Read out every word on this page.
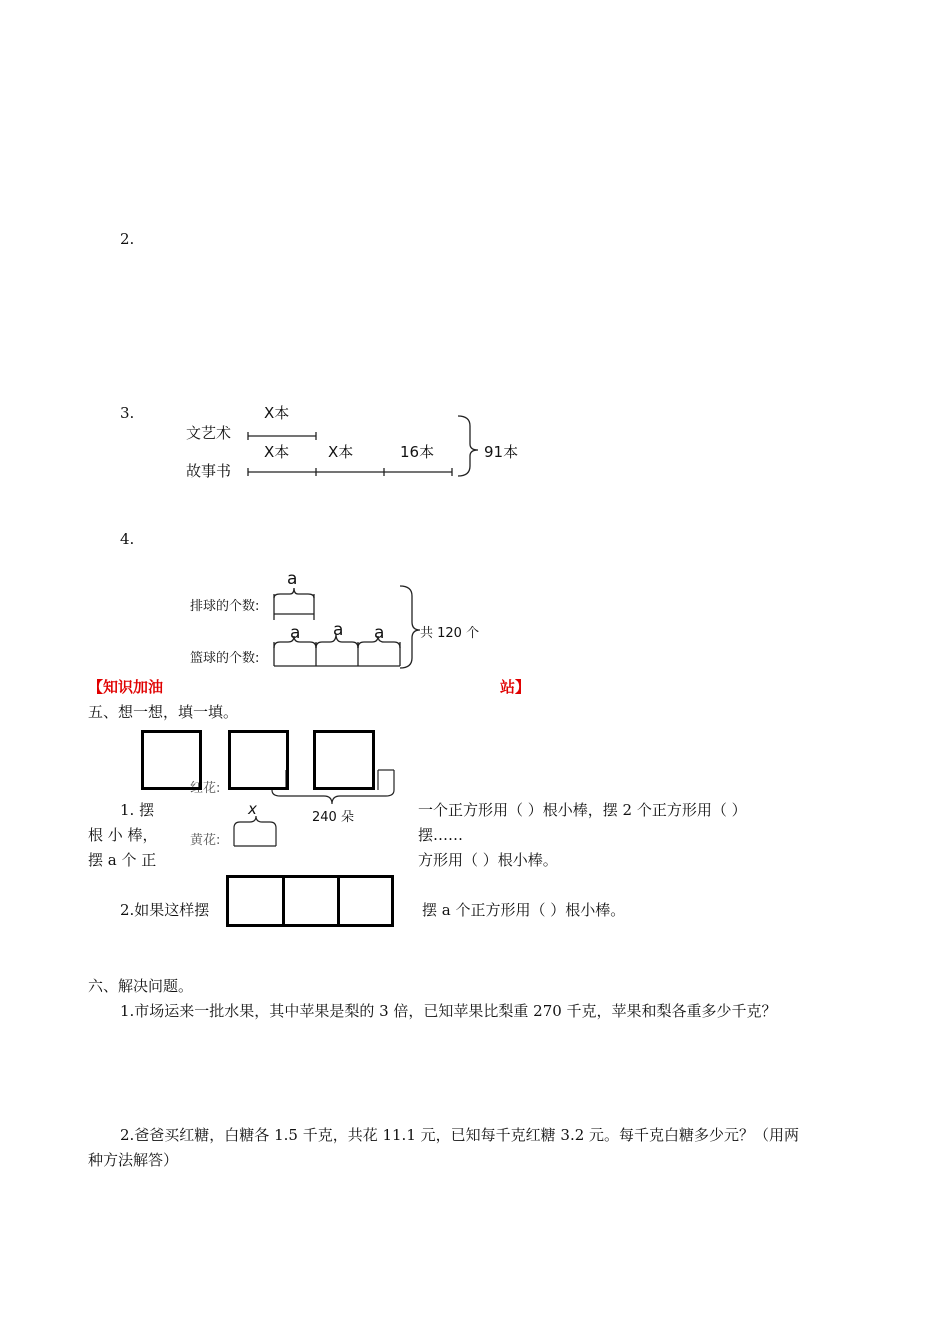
2.
3.
4.
文艺术
故事书
X本
X本	X本	16本	91本
排球的个数:
篮球的个数:
a
a a a	共 120 个
【知识加油	站】
五、想一想，填一填。
红花:
黄花:
x	240 朵
1. 摆	一个正方形用（ ）根小棒，摆 2 个正方形用（ ）
根 小 棒，	摆……
摆 a 个 正	方形用（ ）根小棒。
2.如果这样摆	摆 a 个正方形用（ ）根小棒。
六、解决问题。
1.市场运来一批水果，其中苹果是梨的 3 倍，已知苹果比梨重 270 千克，苹果和梨各重多少千克？
2.爸爸买红糖，白糖各 1.5 千克，共花 11.1 元，已知每千克红糖 3.2 元。每千克白糖多少元？（用两
种方法解答）
